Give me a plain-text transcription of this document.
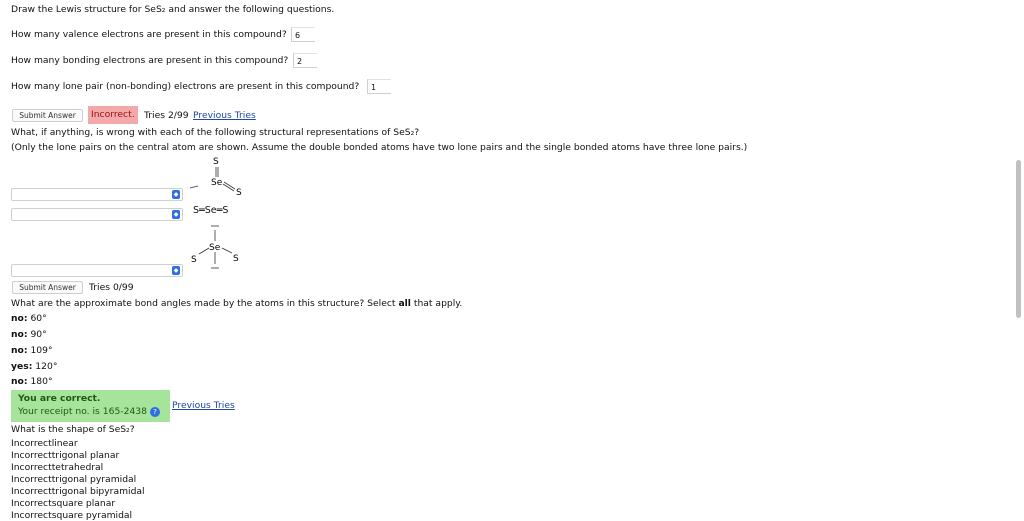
Draw the Lewis structure for SeS₂ and answer the following questions.
How many valence electrons are present in this compound?	6
How many bonding electrons are present in this compound?	2
How many lone pair (non-bonding) electrons are present in this compound?	1
Submit Answer	Incorrect.	Tries 2/99 Previous Tries
What, if anything, is wrong with each of the following structural representations of SeS₂?
(Only the lone pairs on the central atom are shown. Assume the double bonded atoms have two lone pairs and the single bonded atoms have three lone pairs.)
◆
S
Se
S
◆ S═Se═S
◆
Se
S	S
Submit Answer	Tries 0/99
What are the approximate bond angles made by the atoms in this structure? Select all that apply.
no: 60°
no: 90°
no: 109°
yes: 120°
no: 180°
You are correct.
Your receipt no. is 165-2438 ?
Previous Tries
What is the shape of SeS₂?
Incorrectlinear
Incorrecttrigonal planar
Incorrecttetrahedral
Incorrecttrigonal pyramidal
Incorrecttrigonal bipyramidal
Incorrectsquare planar
Incorrectsquare pyramidal
